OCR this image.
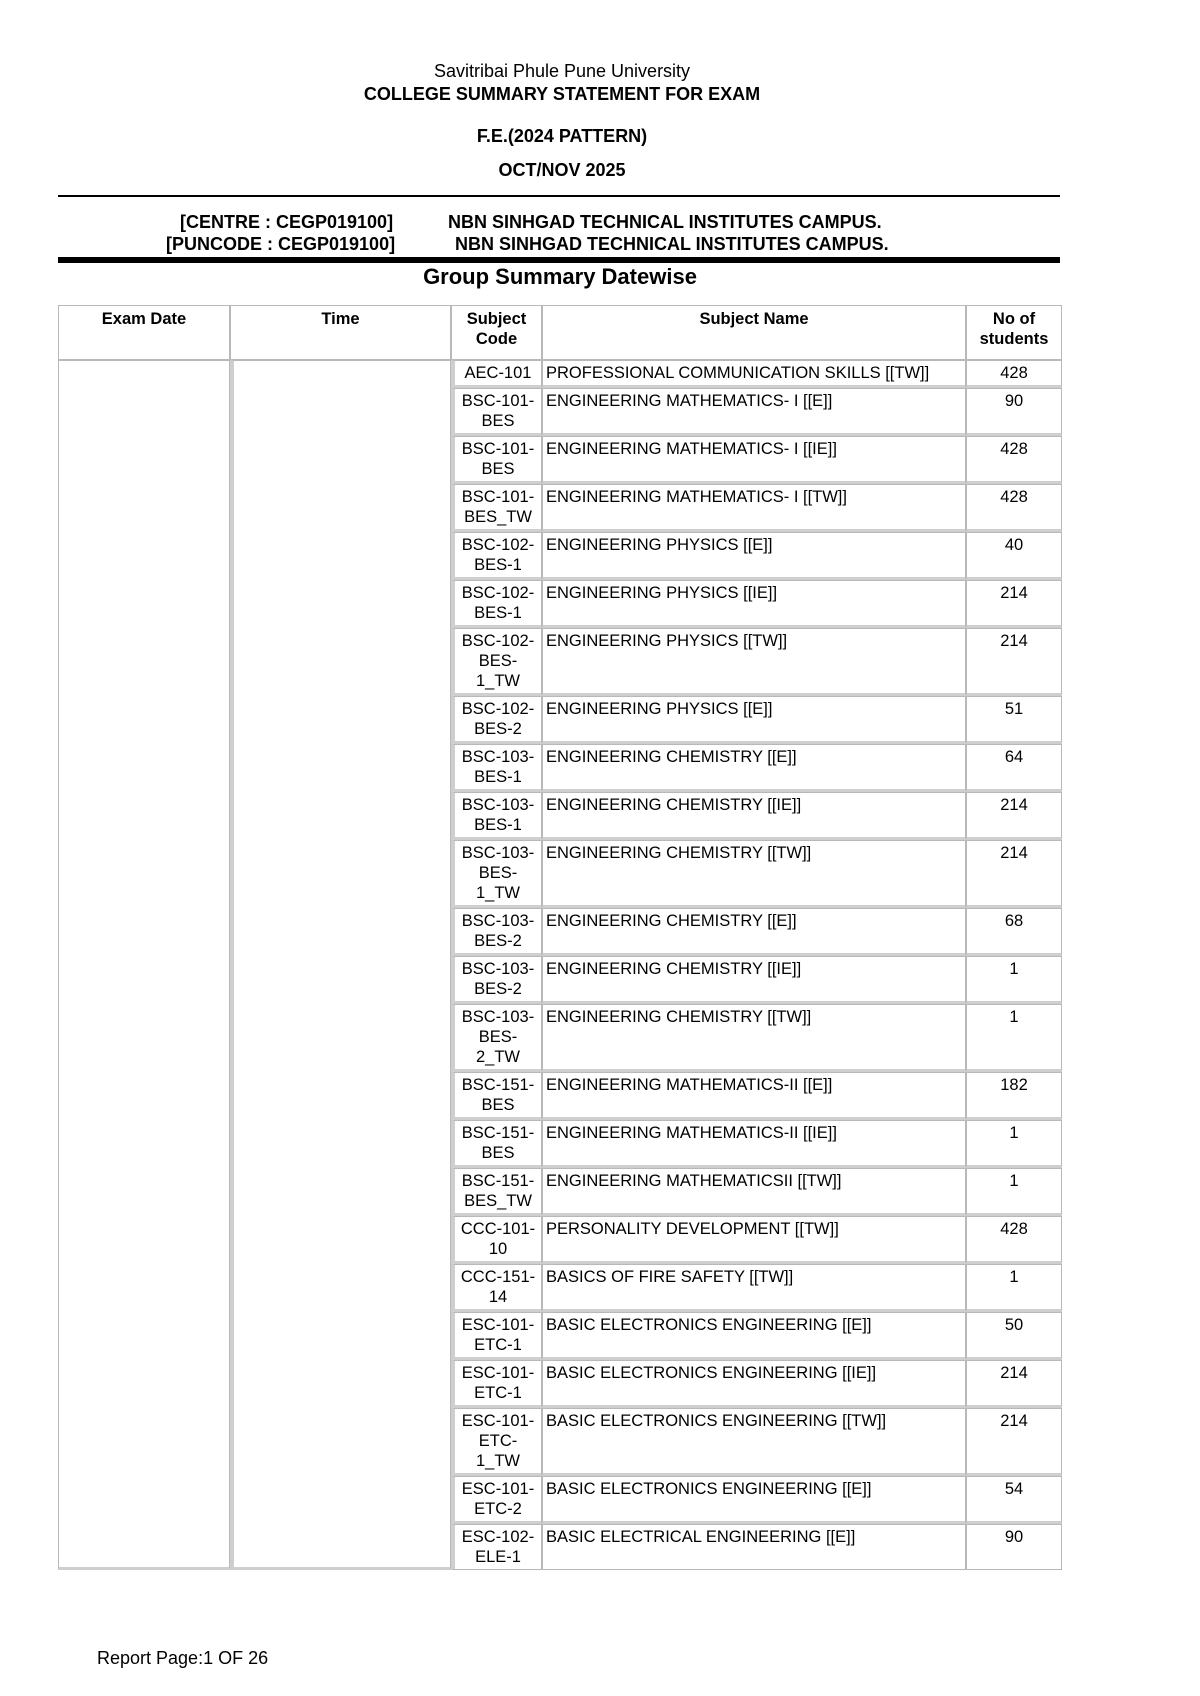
Savitribai Phule Pune University
COLLEGE SUMMARY STATEMENT FOR EXAM
F.E.(2024 PATTERN)
OCT/NOV 2025
[CENTRE : CEGP019100]	NBN SINHGAD TECHNICAL INSTITUTES CAMPUS.
[PUNCODE : CEGP019100]	NBN SINHGAD TECHNICAL INSTITUTES CAMPUS.
Group Summary Datewise
Exam Date	Time	Subject Code	Subject Name	No of students
		AEC-101	PROFESSIONAL COMMUNICATION SKILLS [[TW]]	428
		BSC-101-BES	ENGINEERING MATHEMATICS- I [[E]]	90
		BSC-101-BES	ENGINEERING MATHEMATICS- I [[IE]]	428
		BSC-101-BES_TW	ENGINEERING MATHEMATICS- I [[TW]]	428
		BSC-102-BES-1	ENGINEERING PHYSICS [[E]]	40
		BSC-102-BES-1	ENGINEERING PHYSICS [[IE]]	214
		BSC-102-BES-1_TW	ENGINEERING PHYSICS [[TW]]	214
		BSC-102-BES-2	ENGINEERING PHYSICS [[E]]	51
		BSC-103-BES-1	ENGINEERING CHEMISTRY [[E]]	64
		BSC-103-BES-1	ENGINEERING CHEMISTRY [[IE]]	214
		BSC-103-BES-1_TW	ENGINEERING CHEMISTRY [[TW]]	214
		BSC-103-BES-2	ENGINEERING CHEMISTRY [[E]]	68
		BSC-103-BES-2	ENGINEERING CHEMISTRY [[IE]]	1
		BSC-103-BES-2_TW	ENGINEERING CHEMISTRY [[TW]]	1
		BSC-151-BES	ENGINEERING MATHEMATICS-II [[E]]	182
		BSC-151-BES	ENGINEERING MATHEMATICS-II [[IE]]	1
		BSC-151-BES_TW	ENGINEERING MATHEMATICSII [[TW]]	1
		CCC-101-10	PERSONALITY DEVELOPMENT [[TW]]	428
		CCC-151-14	BASICS OF FIRE SAFETY [[TW]]	1
		ESC-101-ETC-1	BASIC ELECTRONICS ENGINEERING [[E]]	50
		ESC-101-ETC-1	BASIC ELECTRONICS ENGINEERING [[IE]]	214
		ESC-101-ETC-1_TW	BASIC ELECTRONICS ENGINEERING [[TW]]	214
		ESC-101-ETC-2	BASIC ELECTRONICS ENGINEERING [[E]]	54
		ESC-102-ELE-1	BASIC ELECTRICAL ENGINEERING [[E]]	90
Report Page:1 OF 26
